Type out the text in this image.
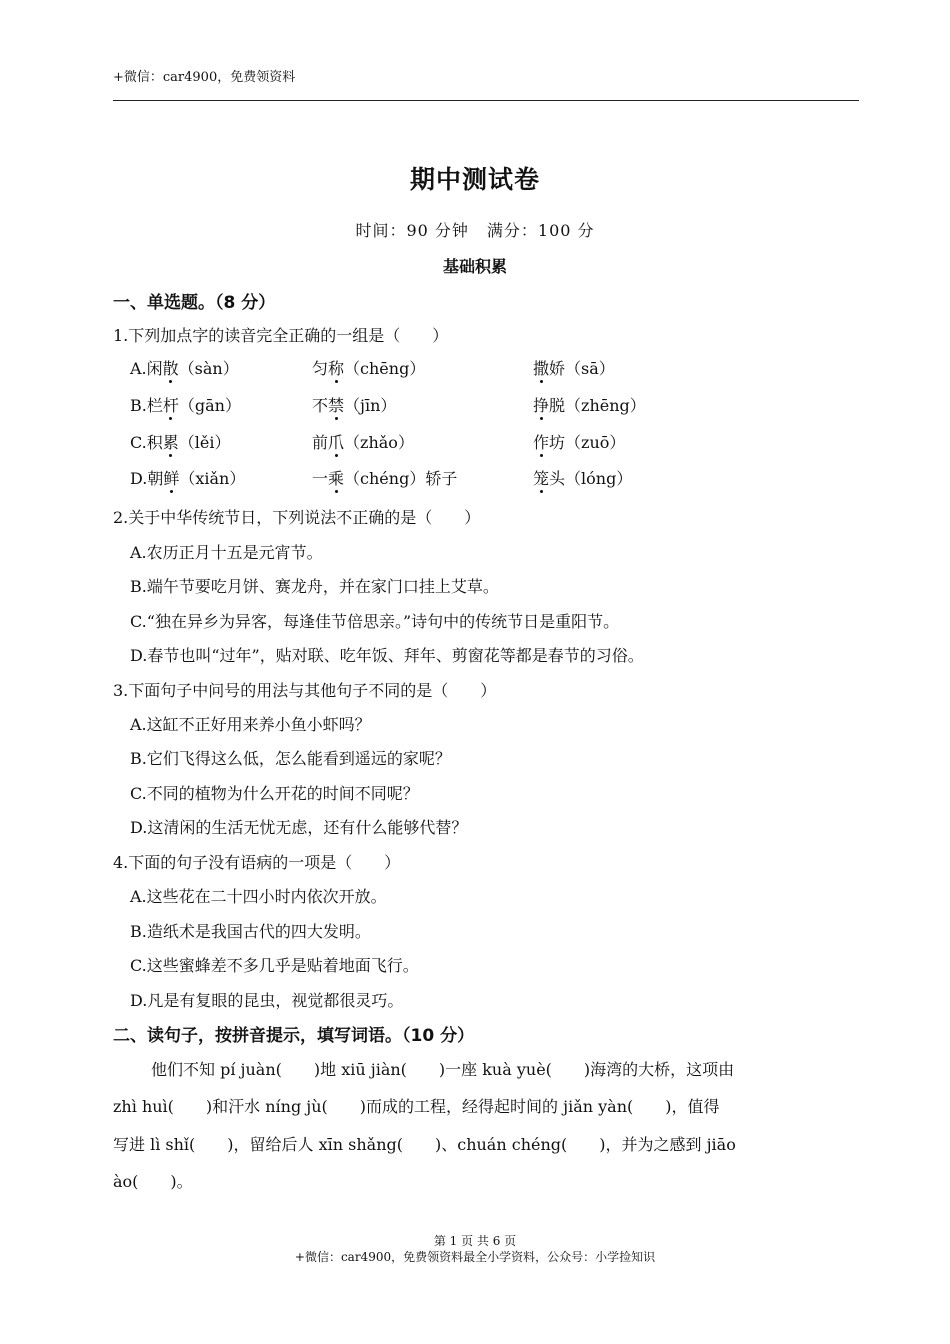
+微信：car4900，免费领资料
期中测试卷
时间：90 分钟 满分：100 分
基础积累
一、单选题。（8 分）
1.下列加点字的读音完全正确的一组是（　　）
A.闲散（sàn）	匀称（chēng）	撒娇（sā）
B.栏杆（gān）	不禁（jīn）	挣脱（zhēng）
C.积累（lěi）	前爪（zhǎo）	作坊（zuō）
D.朝鲜（xiǎn）	一乘（chéng）轿子	笼头（lóng）
2.关于中华传统节日，下列说法不正确的是（　　）
A.农历正月十五是元宵节。
B.端午节要吃月饼、赛龙舟，并在家门口挂上艾草。
C.“独在异乡为异客，每逢佳节倍思亲。”诗句中的传统节日是重阳节。
D.春节也叫“过年”，贴对联、吃年饭、拜年、剪窗花等都是春节的习俗。
3.下面句子中问号的用法与其他句子不同的是（　　）
A.这缸不正好用来养小鱼小虾吗？
B.它们飞得这么低，怎么能看到遥远的家呢？
C.不同的植物为什么开花的时间不同呢？
D.这清闲的生活无忧无虑，还有什么能够代替？
4.下面的句子没有语病的一项是（　　）
A.这些花在二十四小时内依次开放。
B.造纸术是我国古代的四大发明。
C.这些蜜蜂差不多几乎是贴着地面飞行。
D.凡是有复眼的昆虫，视觉都很灵巧。
二、读句子，按拼音提示，填写词语。（10 分）
他们不知 pí juàn(　　)地 xiū jiàn(　　)一座 kuà yuè(　　)海湾的大桥，这项由
zhì huì(　　)和汗水 níng jù(　　)而成的工程，经得起时间的 jiǎn yàn(　　)，值得
写进 lì shǐ(　　)，留给后人 xīn shǎng(　　)、chuán chéng(　　)，并为之感到 jiāo
ào(　　)。
第 1 页 共 6 页
+微信：car4900，免费领资料最全小学资料，公众号：小学捡知识
